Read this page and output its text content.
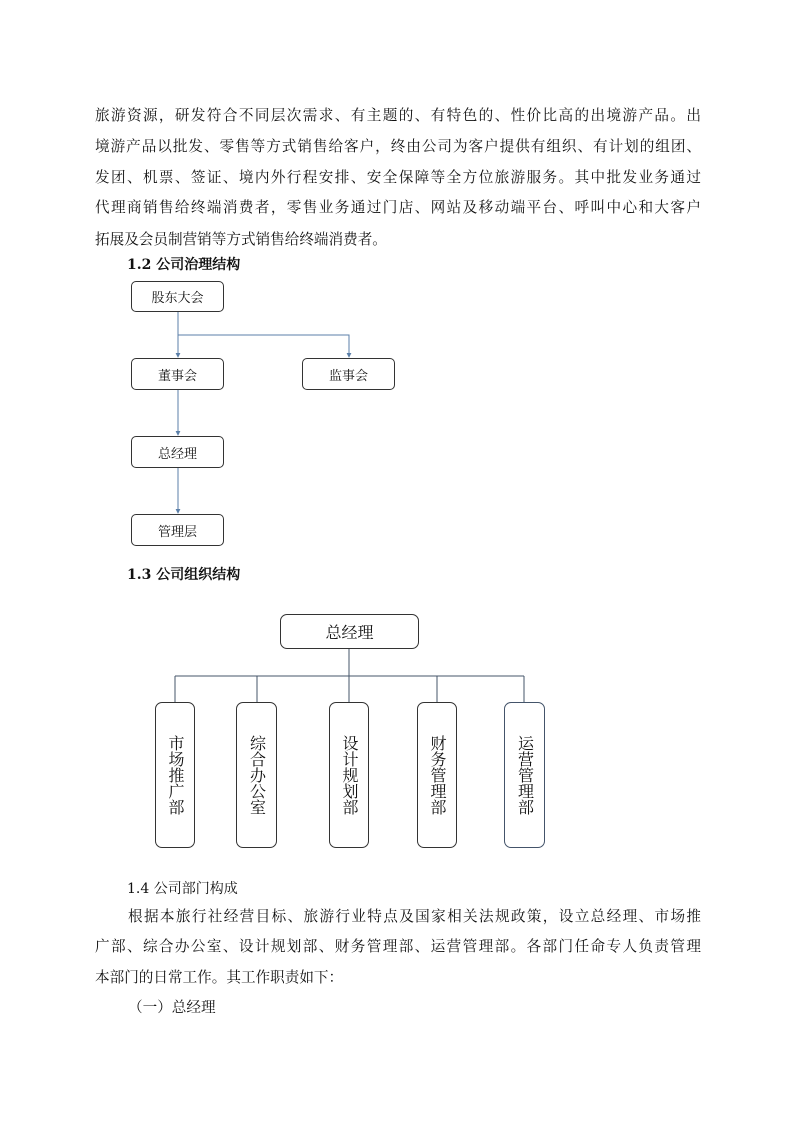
旅游资源，研发符合不同层次需求、有主题的、有特色的、性价比高的出境游产品。出
境游产品以批发、零售等方式销售给客户，终由公司为客户提供有组织、有计划的组团、
发团、机票、签证、境内外行程安排、安全保障等全方位旅游服务。其中批发业务通过
代理商销售给终端消费者，零售业务通过门店、网站及移动端平台、呼叫中心和大客户
拓展及会员制营销等方式销售给终端消费者。
1.2 公司治理结构
股东大会
董事会	监事会
总经理
管理层
1.3 公司组织结构
总经理
市场推广部	综合办公室	设计规划部	财务管理部	运营管理部
1.4 公司部门构成
根据本旅行社经营目标、旅游行业特点及国家相关法规政策，设立总经理、市场推
广部、综合办公室、设计规划部、财务管理部、运营管理部。各部门任命专人负责管理
本部门的日常工作。其工作职责如下：
（一）总经理
